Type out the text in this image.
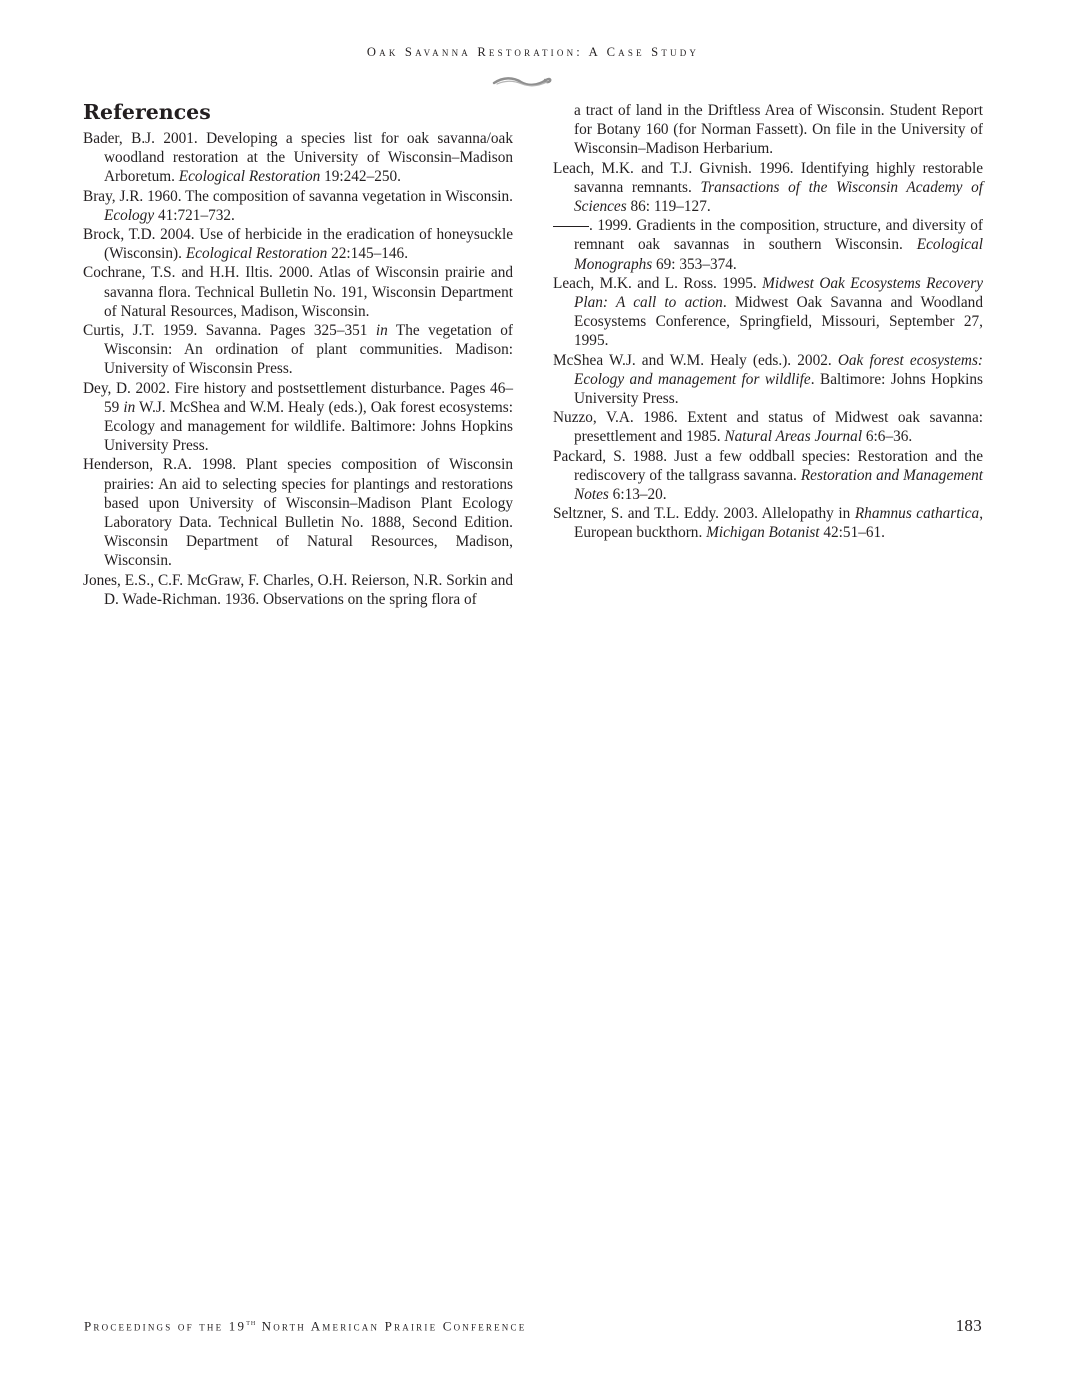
Oak Savanna Restoration: A Case Study
References

Bader, B.J. 2001. Developing a species list for oak savanna/oak woodland restoration at the University of Wisconsin–Madison Arboretum. Ecological Restoration 19:242–250.

Bray, J.R. 1960. The composition of savanna vegetation in Wisconsin. Ecology 41:721–732.

Brock, T.D. 2004. Use of herbicide in the eradication of honeysuckle (Wisconsin). Ecological Restoration 22:145–146.

Cochrane, T.S. and H.H. Iltis. 2000. Atlas of Wisconsin prairie and savanna flora. Technical Bulletin No. 191, Wisconsin Department of Natural Resources, Madison, Wisconsin.

Curtis, J.T. 1959. Savanna. Pages 325–351 in The vegetation of Wisconsin: An ordination of plant communities. Madison: University of Wisconsin Press.

Dey, D. 2002. Fire history and postsettlement disturbance. Pages 46–59 in W.J. McShea and W.M. Healy (eds.), Oak forest ecosystems: Ecology and management for wildlife. Baltimore: Johns Hopkins University Press.

Henderson, R.A. 1998. Plant species composition of Wisconsin prairies: An aid to selecting species for plantings and restorations based upon University of Wisconsin–Madison Plant Ecology Laboratory Data. Technical Bulletin No. 1888, Second Edition. Wisconsin Department of Natural Resources, Madison, Wisconsin.

Jones, E.S., C.F. McGraw, F. Charles, O.H. Reierson, N.R. Sorkin and D. Wade-Richman. 1936. Observations on the spring flora of

a tract of land in the Driftless Area of Wisconsin. Student Report for Botany 160 (for Norman Fassett). On file in the University of Wisconsin–Madison Herbarium.

Leach, M.K. and T.J. Givnish. 1996. Identifying highly restorable savanna remnants. Transactions of the Wisconsin Academy of Sciences 86: 119–127.

. 1999. Gradients in the composition, structure, and diversity of remnant oak savannas in southern Wisconsin. Ecological Monographs 69: 353–374.

Leach, M.K. and L. Ross. 1995. Midwest Oak Ecosystems Recovery Plan: A call to action. Midwest Oak Savanna and Woodland Ecosystems Conference, Springfield, Missouri, September 27, 1995.

McShea W.J. and W.M. Healy (eds.). 2002. Oak forest ecosystems: Ecology and management for wildlife. Baltimore: Johns Hopkins University Press.

Nuzzo, V.A. 1986. Extent and status of Midwest oak savanna: presettlement and 1985. Natural Areas Journal 6:6–36.

Packard, S. 1988. Just a few oddball species: Restoration and the rediscovery of the tallgrass savanna. Restoration and Management Notes 6:13–20.

Seltzner, S. and T.L. Eddy. 2003. Allelopathy in Rhamnus cathartica, European buckthorn. Michigan Botanist 42:51–61.

Proceedings of the 19th North American Prairie Conference	183
